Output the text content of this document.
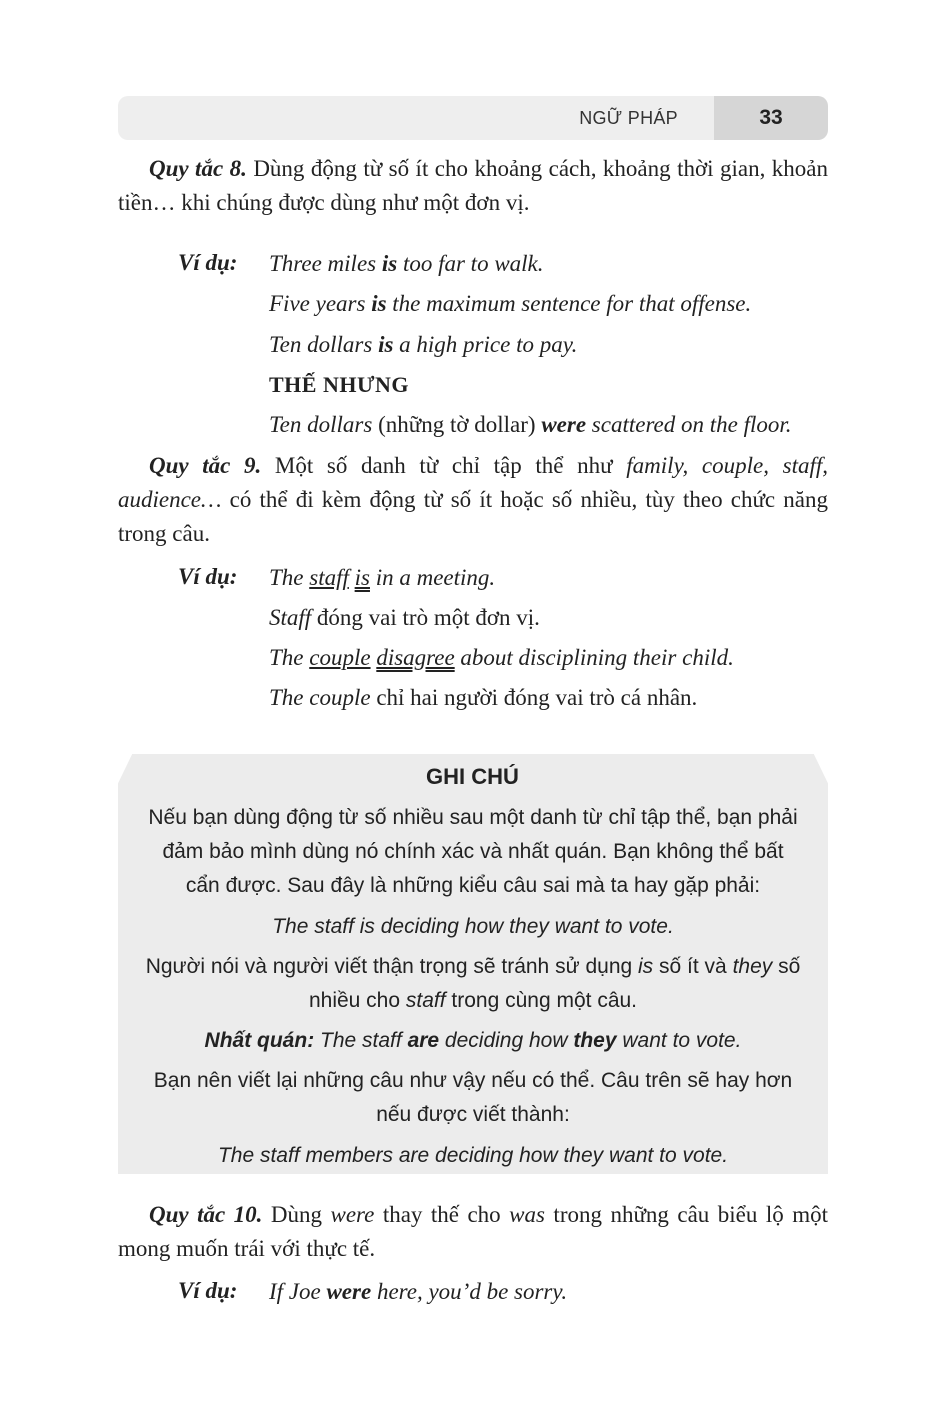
NGỮ PHÁP	33

Quy tắc 8. Dùng động từ số ít cho khoảng cách, khoảng thời gian, khoản tiền… khi chúng được dùng như một đơn vị.

Ví dụ: Three miles is too far to walk.
Five years is the maximum sentence for that offense.
Ten dollars is a high price to pay.
THẾ NHƯNG
Ten dollars (những tờ dollar) were scattered on the floor.

Quy tắc 9. Một số danh từ chỉ tập thể như family, couple, staff, audience… có thể đi kèm động từ số ít hoặc số nhiều, tùy theo chức năng trong câu.

Ví dụ: The staff is in a meeting.
Staff đóng vai trò một đơn vị.
The couple disagree about disciplining their child.
The couple chỉ hai người đóng vai trò cá nhân.
GHI CHÚ
Nếu bạn dùng động từ số nhiều sau một danh từ chỉ tập thể, bạn phải
đảm bảo mình dùng nó chính xác và nhất quán. Bạn không thể bất
cẩn được. Sau đây là những kiểu câu sai mà ta hay gặp phải:
The staff is deciding how they want to vote.
Người nói và người viết thận trọng sẽ tránh sử dụng is số ít và they số
nhiều cho staff trong cùng một câu.
Nhất quán: The staff are deciding how they want to vote.
Bạn nên viết lại những câu như vậy nếu có thể. Câu trên sẽ hay hơn
nếu được viết thành:
The staff members are deciding how they want to vote.

Quy tắc 10. Dùng were thay thế cho was trong những câu biểu lộ một mong muốn trái với thực tế.

Ví dụ: If Joe were here, you’d be sorry.
